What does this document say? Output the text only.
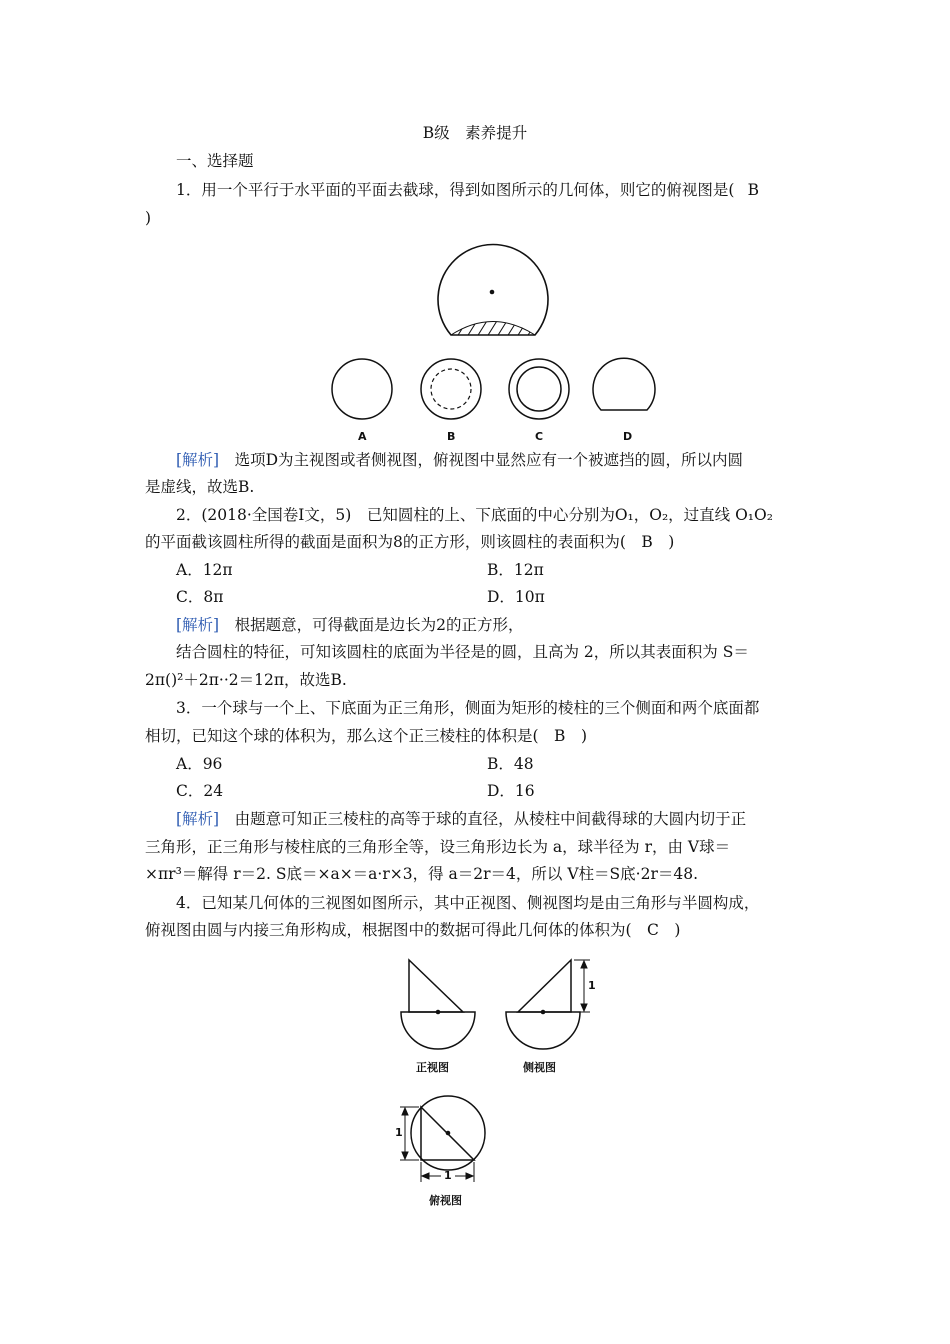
B级　素养提升
一、选择题
1．用一个平行于水平面的平面去截球，得到如图所示的几何体，则它的俯视图是( B
)
A	B	C	D
[解析]　选项D为主视图或者侧视图，俯视图中显然应有一个被遮挡的圆，所以内圆
是虚线，故选B.
2．(2018·全国卷Ⅰ文，5)　已知圆柱的上、下底面的中心分别为O₁，O₂，过直线 O₁O₂
的平面截该圆柱所得的截面是面积为8的正方形，则该圆柱的表面积为(　B　)
A．12π	B．12π
C．8π	D．10π
[解析]　根据题意，可得截面是边长为2的正方形，
结合圆柱的特征，可知该圆柱的底面为半径是的圆，且高为 2，所以其表面积为 S＝
2π()²＋2π··2＝12π，故选B.
3．一个球与一个上、下底面为正三角形，侧面为矩形的棱柱的三个侧面和两个底面都
相切，已知这个球的体积为，那么这个正三棱柱的体积是(　B　)
A．96	B．48
C．24	D．16
[解析]　由题意可知正三棱柱的高等于球的直径，从棱柱中间截得球的大圆内切于正
三角形，正三角形与棱柱底的三角形全等，设三角形边长为 a，球半径为 r，由 V球＝
×πr³＝解得 r＝2. S底＝×a×＝a·r×3，得 a＝2r＝4，所以 V柱＝S底·2r＝48.
4．已知某几何体的三视图如图所示，其中正视图、侧视图均是由三角形与半圆构成，
俯视图由圆与内接三角形构成，根据图中的数据可得此几何体的体积为(　C　)
1
1
1
正视图	侧视图
俯视图
